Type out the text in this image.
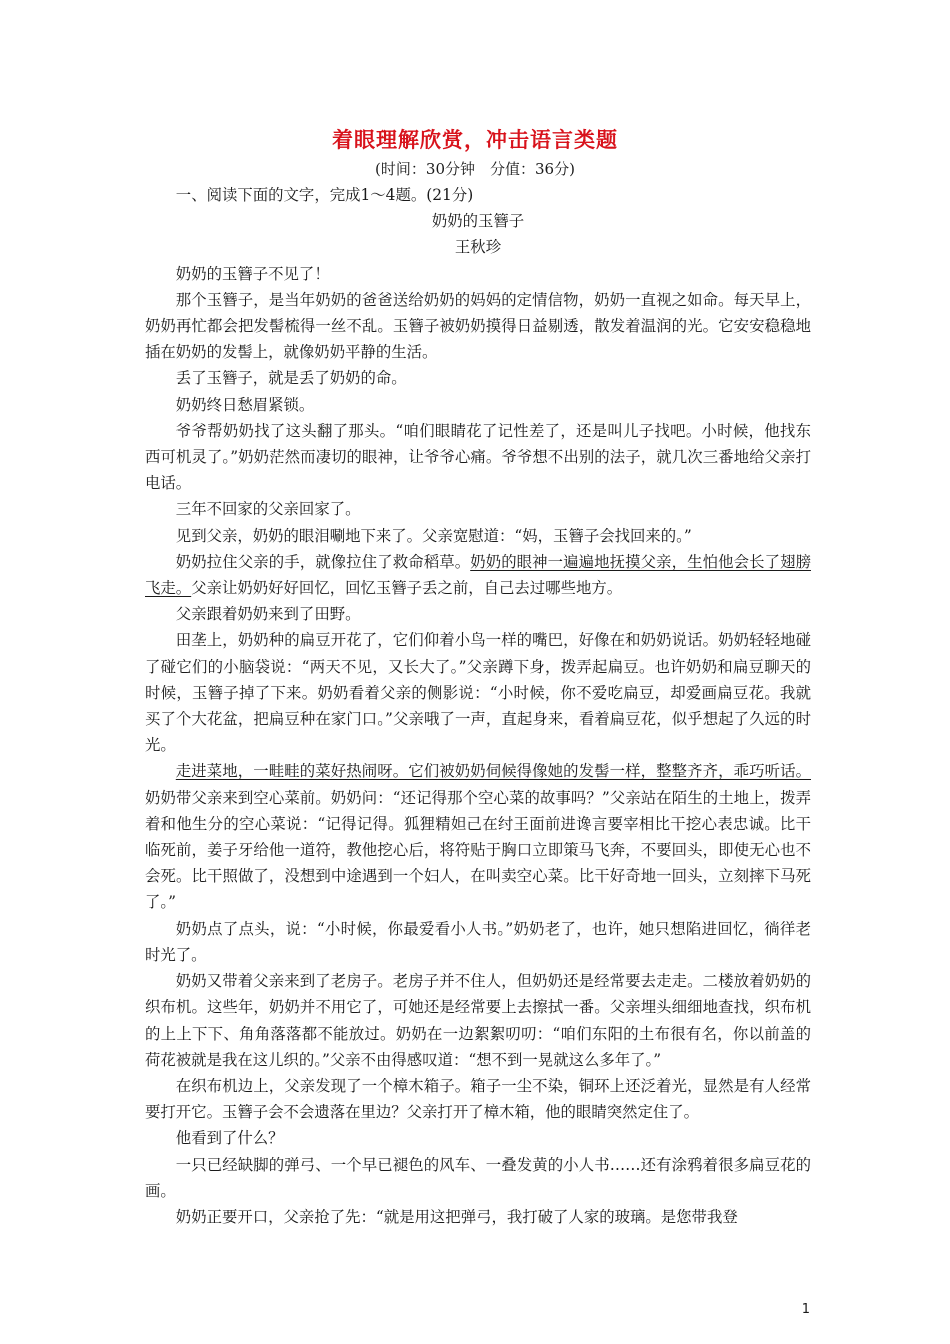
着眼理解欣赏，冲击语言类题
(时间：30分钟　分值：36分)

一、阅读下面的文字，完成1～4题。(21分)

奶奶的玉簪子

王秋珍

奶奶的玉簪子不见了！

那个玉簪子，是当年奶奶的爸爸送给奶奶的妈妈的定情信物，奶奶一直视之如命。每天早上，奶奶再忙都会把发髻梳得一丝不乱。玉簪子被奶奶摸得日益剔透，散发着温润的光。它安安稳稳地插在奶奶的发髻上，就像奶奶平静的生活。

丢了玉簪子，就是丢了奶奶的命。

奶奶终日愁眉紧锁。

爷爷帮奶奶找了这头翻了那头。“咱们眼睛花了记性差了，还是叫儿子找吧。小时候，他找东西可机灵了。”奶奶茫然而凄切的眼神，让爷爷心痛。爷爷想不出别的法子，就几次三番地给父亲打电话。

三年不回家的父亲回家了。

见到父亲，奶奶的眼泪唰地下来了。父亲宽慰道：“妈，玉簪子会找回来的。”

奶奶拉住父亲的手，就像拉住了救命稻草。奶奶的眼神一遍遍地抚摸父亲，生怕他会长了翅膀飞走。父亲让奶奶好好回忆，回忆玉簪子丢之前，自己去过哪些地方。

父亲跟着奶奶来到了田野。

田垄上，奶奶种的扁豆开花了，它们仰着小鸟一样的嘴巴，好像在和奶奶说话。奶奶轻轻地碰了碰它们的小脑袋说：“两天不见，又长大了。”父亲蹲下身，拨弄起扁豆。也许奶奶和扁豆聊天的时候，玉簪子掉了下来。奶奶看着父亲的侧影说：“小时候，你不爱吃扁豆，却爱画扁豆花。我就买了个大花盆，把扁豆种在家门口。”父亲哦了一声，直起身来，看着扁豆花，似乎想起了久远的时光。

走进菜地，一畦畦的菜好热闹呀。它们被奶奶伺候得像她的发髻一样，整整齐齐，乖巧听话。奶奶带父亲来到空心菜前。奶奶问：“还记得那个空心菜的故事吗？”父亲站在陌生的土地上，拨弄着和他生分的空心菜说：“记得记得。狐狸精妲己在纣王面前进谗言要宰相比干挖心表忠诚。比干临死前，姜子牙给他一道符，教他挖心后，将符贴于胸口立即策马飞奔，不要回头，即使无心也不会死。比干照做了，没想到中途遇到一个妇人，在叫卖空心菜。比干好奇地一回头，立刻摔下马死了。”

奶奶点了点头，说：“小时候，你最爱看小人书。”奶奶老了，也许，她只想陷进回忆，徜徉老时光了。

奶奶又带着父亲来到了老房子。老房子并不住人，但奶奶还是经常要去走走。二楼放着奶奶的织布机。这些年，奶奶并不用它了，可她还是经常要上去擦拭一番。父亲埋头细细地查找，织布机的上上下下、角角落落都不能放过。奶奶在一边絮絮叨叨：“咱们东阳的土布很有名，你以前盖的荷花被就是我在这儿织的。”父亲不由得感叹道：“想不到一晃就这么多年了。”

在织布机边上，父亲发现了一个樟木箱子。箱子一尘不染，铜环上还泛着光，显然是有人经常要打开它。玉簪子会不会遗落在里边？父亲打开了樟木箱，他的眼睛突然定住了。

他看到了什么？

一只已经缺脚的弹弓、一个早已褪色的风车、一叠发黄的小人书……还有涂鸦着很多扁豆花的画。

奶奶正要开口，父亲抢了先：“就是用这把弹弓，我打破了人家的玻璃。是您带我登

1
